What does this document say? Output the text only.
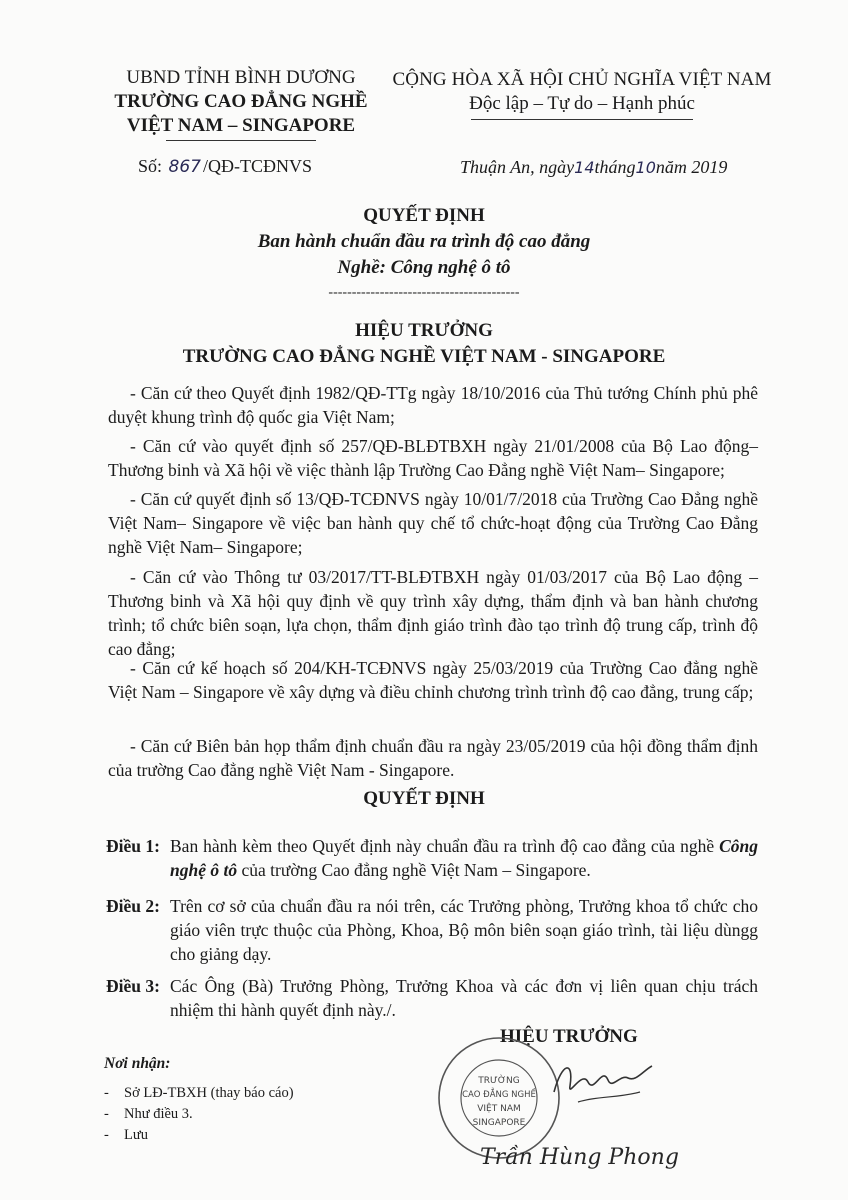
UBND TỈNH BÌNH DƯƠNG
TRƯỜNG CAO ĐẲNG NGHỀ
VIỆT NAM – SINGAPORE
CỘNG HÒA XÃ HỘI CHỦ NGHĨA VIỆT NAM
Độc lập – Tự do – Hạnh phúc
Số: 867 /QĐ-TCĐNVS	Thuận An, ngày14tháng10năm 2019
QUYẾT ĐỊNH
Ban hành chuẩn đầu ra trình độ cao đẳng
Nghề: Công nghệ ô tô
-----------------------------------------
HIỆU TRƯỞNG
TRƯỜNG CAO ĐẲNG NGHỀ VIỆT NAM - SINGAPORE
- Căn cứ theo Quyết định 1982/QĐ-TTg ngày 18/10/2016 của Thủ tướng Chính phủ phê duyệt khung trình độ quốc gia Việt Nam;
- Căn cứ vào quyết định số 257/QĐ-BLĐTBXH ngày 21/01/2008 của Bộ Lao động–Thương binh và Xã hội về việc thành lập Trường Cao Đẳng nghề Việt Nam– Singapore;
- Căn cứ quyết định số 13/QĐ-TCĐNVS ngày 10/01/7/2018 của Trường Cao Đẳng nghề Việt Nam– Singapore về việc ban hành quy chế tổ chức-hoạt động của Trường Cao Đẳng nghề Việt Nam– Singapore;
- Căn cứ vào Thông tư 03/2017/TT-BLĐTBXH ngày 01/03/2017 của Bộ Lao động – Thương binh và Xã hội quy định về quy trình xây dựng, thẩm định và ban hành chương trình; tổ chức biên soạn, lựa chọn, thẩm định giáo trình đào tạo trình độ trung cấp, trình độ cao đẳng;
- Căn cứ kế hoạch số 204/KH-TCĐNVS ngày 25/03/2019 của Trường Cao đẳng nghề Việt Nam – Singapore về xây dựng và điều chỉnh chương trình trình độ cao đẳng, trung cấp;
- Căn cứ Biên bản họp thẩm định chuẩn đầu ra ngày 23/05/2019 của hội đồng thẩm định của trường Cao đẳng nghề Việt Nam - Singapore.
QUYẾT ĐỊNH
Điều 1: Ban hành kèm theo Quyết định này chuẩn đầu ra trình độ cao đẳng của nghề Công nghệ ô tô của trường Cao đẳng nghề Việt Nam – Singapore.
Điều 2: Trên cơ sở của chuẩn đầu ra nói trên, các Trưởng phòng, Trưởng khoa tổ chức cho giáo viên trực thuộc của Phòng, Khoa, Bộ môn biên soạn giáo trình, tài liệu dùngg cho giảng dạy.
Điều 3: Các Ông (Bà) Trưởng Phòng, Trưởng Khoa và các đơn vị liên quan chịu trách nhiệm thi hành quyết định này./.
HIỆU TRƯỞNG
TRƯỜNG
CAO ĐẲNG NGHỀ
VIỆT NAM
SINGAPORE
Trần Hùng Phong
Nơi nhận:
- Sở LĐ-TBXH (thay báo cáo)
- Như điều 3.
- Lưu
